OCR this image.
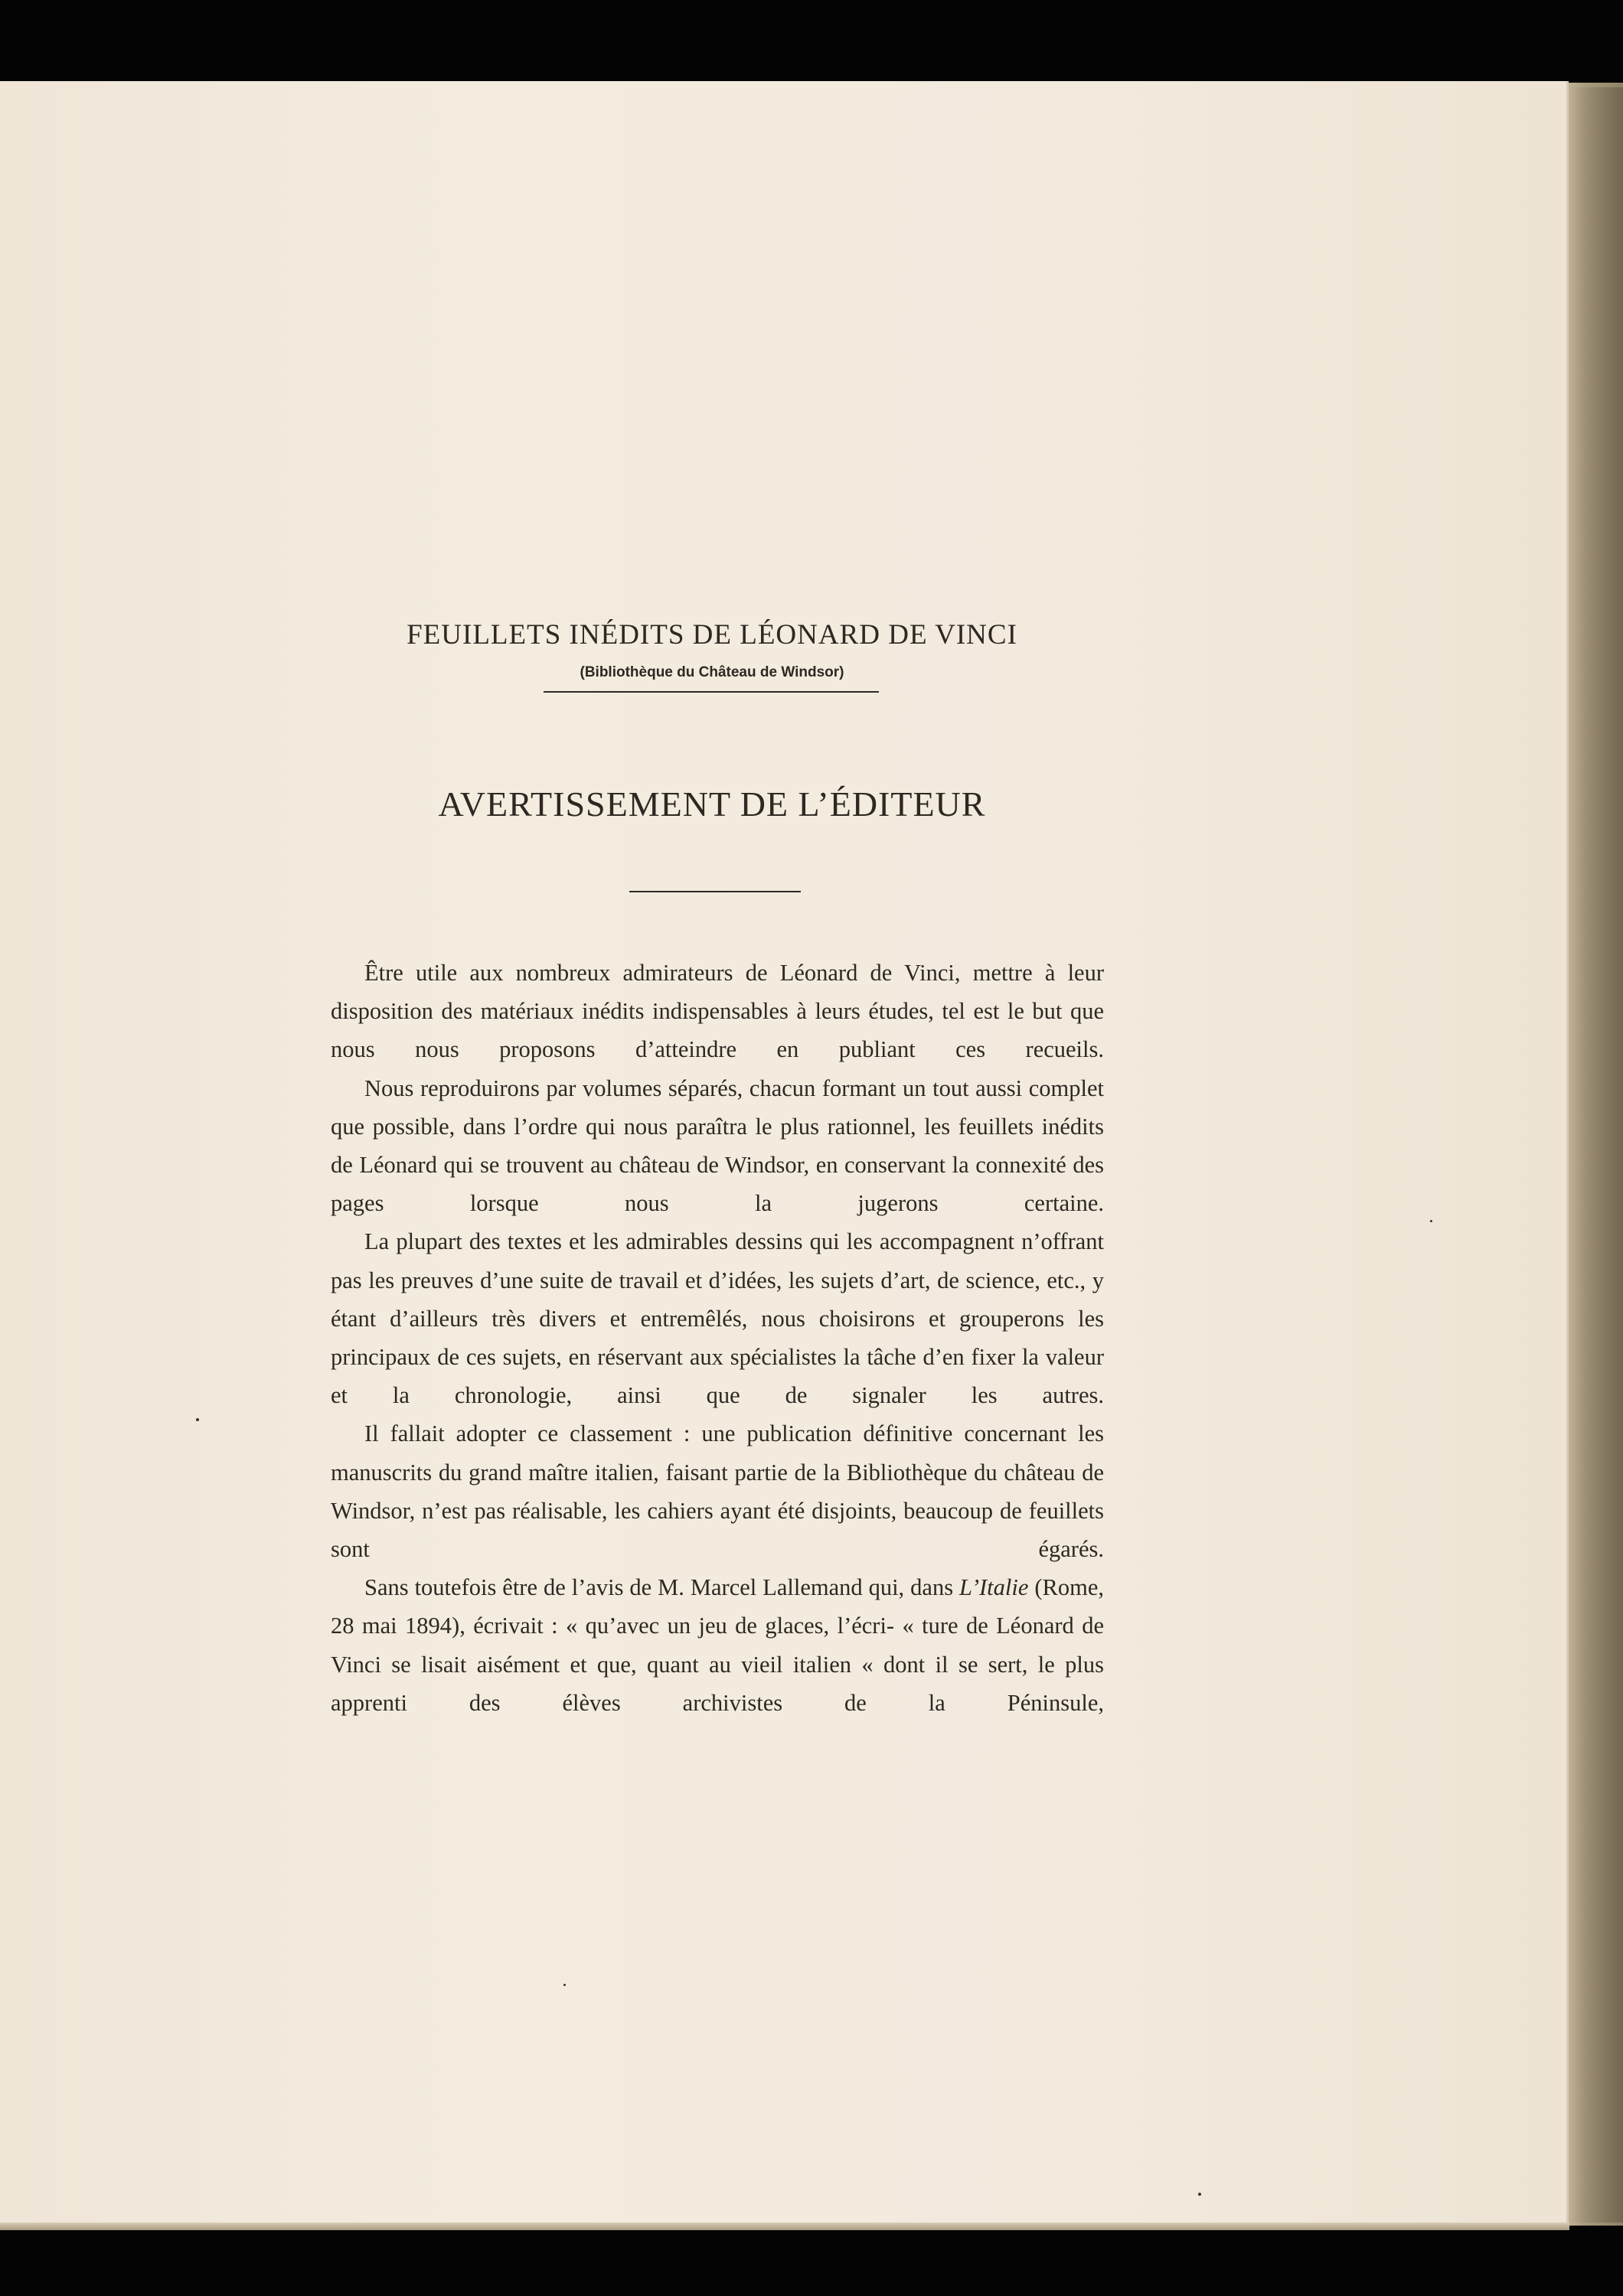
FEUILLETS INÉDITS DE LÉONARD DE VINCI
(Bibliothèque du Château de Windsor)
AVERTISSEMENT DE L’ÉDITEUR

Être utile aux nombreux admirateurs de Léonard de Vinci, mettre à leur disposition des matériaux inédits indispensables à leurs études, tel est le but que nous nous proposons d’atteindre en publiant ces recueils.

Nous reproduirons par volumes séparés, chacun formant un tout aussi complet que possible, dans l’ordre qui nous paraîtra le plus rationnel, les feuillets inédits de Léonard qui se trouvent au château de Windsor, en conservant la connexité des pages lorsque nous la jugerons certaine.

La plupart des textes et les admirables dessins qui les accompagnent n’offrant pas les preuves d’une suite de travail et d’idées, les sujets d’art, de science, etc., y étant d’ailleurs très divers et entremêlés, nous choisirons et grouperons les principaux de ces sujets, en réservant aux spécialistes la tâche d’en fixer la valeur et la chronologie, ainsi que de signaler les autres.

Il fallait adopter ce classement : une publication définitive concernant les manuscrits du grand maître italien, faisant partie de la Bibliothèque du château de Windsor, n’est pas réalisable, les cahiers ayant été disjoints, beaucoup de feuillets sont égarés.

Sans toutefois être de l’avis de M. Marcel Lallemand qui, dans L’Italie (Rome, 28 mai 1894), écrivait : « qu’avec un jeu de glaces, l’écri- « ture de Léonard de Vinci se lisait aisément et que, quant au vieil italien « dont il se sert, le plus apprenti des élèves archivistes de la Péninsule,
